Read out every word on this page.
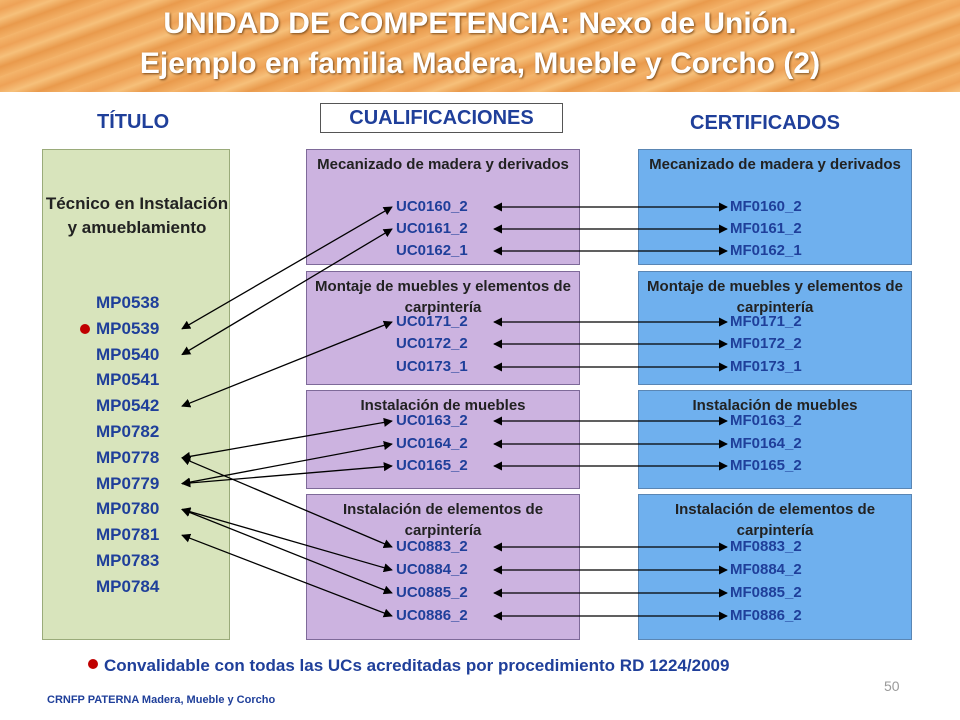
UNIDAD DE COMPETENCIA: Nexo de Unión.
Ejemplo en familia Madera, Mueble y Corcho (2)
TÍTULO	CUALIFICACIONES	CERTIFICADOS
Técnico en Instalación y amueblamiento
MP0538
MP0539
MP0540
MP0541
MP0542
MP0782
MP0778
MP0779
MP0780
MP0781
MP0783
MP0784
Mecanizado de madera y derivados
Montaje de muebles y elementos de carpintería
Instalación de muebles
Instalación de elementos de carpintería
Mecanizado de madera y derivados
Montaje de muebles y elementos de carpintería
Instalación de muebles
Instalación de elementos de carpintería
UC0160_2
UC0161_2
UC0162_1
UC0171_2
UC0172_2
UC0173_1
UC0163_2
UC0164_2
UC0165_2
UC0883_2
UC0884_2
UC0885_2
UC0886_2
MF0160_2
MF0161_2
MF0162_1
MF0171_2
MF0172_2
MF0173_1
MF0163_2
MF0164_2
MF0165_2
MF0883_2
MF0884_2
MF0885_2
MF0886_2
Convalidable con todas las UCs acreditadas por procedimiento RD 1224/2009
CRNFP PATERNA Madera, Mueble y Corcho
50
